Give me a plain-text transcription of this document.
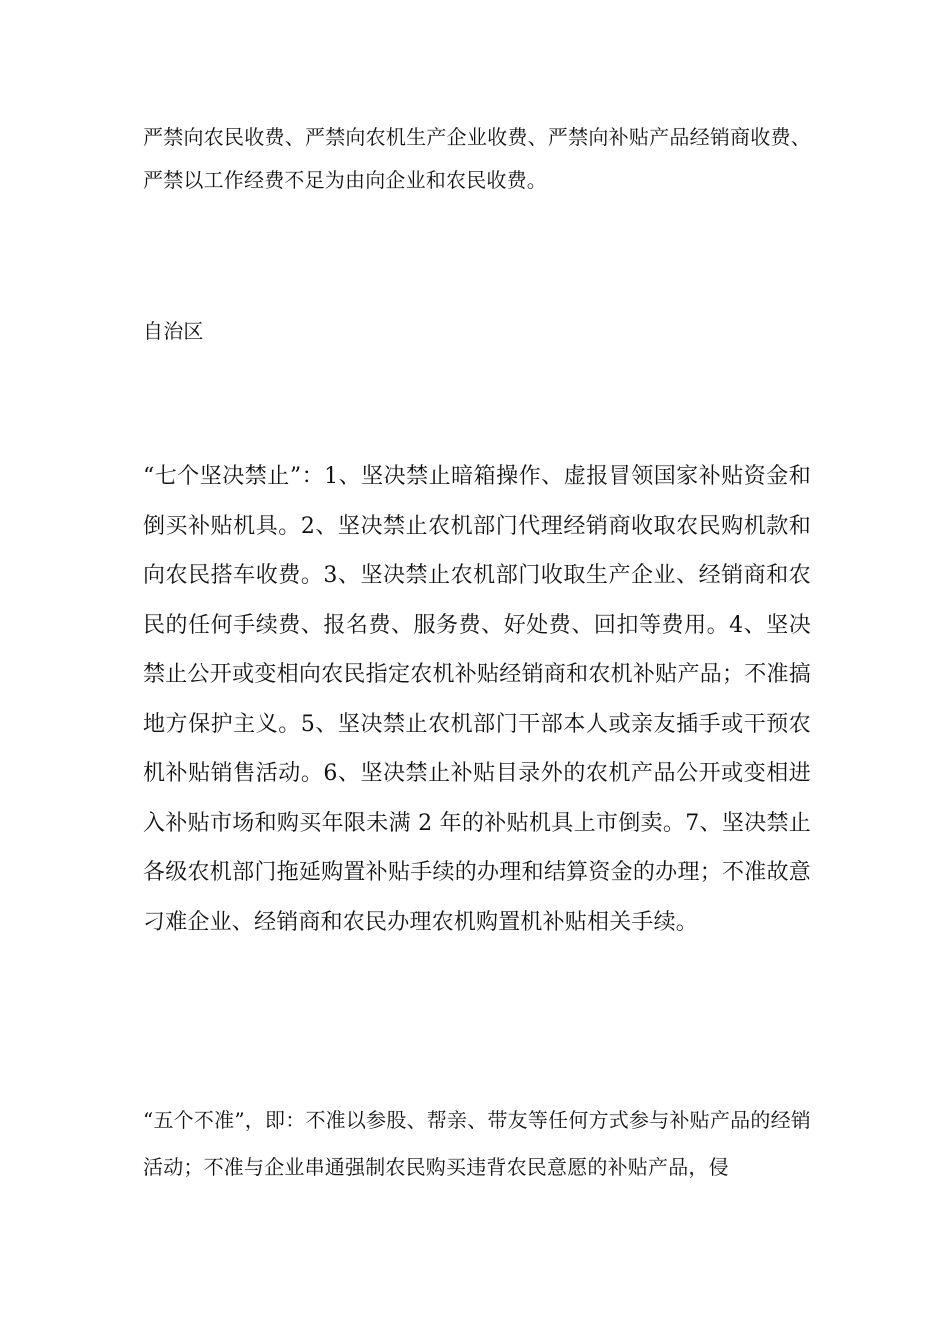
严禁向农民收费、严禁向农机生产企业收费、严禁向补贴产品经销商收费、严禁以工作经费不足为由向企业和农民收费。

自治区

“七个坚决禁止”：1、坚决禁止暗箱操作、虚报冒领国家补贴资金和倒买补贴机具。2、坚决禁止农机部门代理经销商收取农民购机款和向农民搭车收费。3、坚决禁止农机部门收取生产企业、经销商和农民的任何手续费、报名费、服务费、好处费、回扣等费用。4、坚决禁止公开或变相向农民指定农机补贴经销商和农机补贴产品；不准搞地方保护主义。5、坚决禁止农机部门干部本人或亲友插手或干预农机补贴销售活动。6、坚决禁止补贴目录外的农机产品公开或变相进入补贴市场和购买年限未满 2 年的补贴机具上市倒卖。7、坚决禁止各级农机部门拖延购置补贴手续的办理和结算资金的办理；不准故意刁难企业、经销商和农民办理农机购置机补贴相关手续。

“五个不准”，即：不准以参股、帮亲、带友等任何方式参与补贴产品的经销活动；不准与企业串通强制农民购买违背农民意愿的补贴产品，侵
